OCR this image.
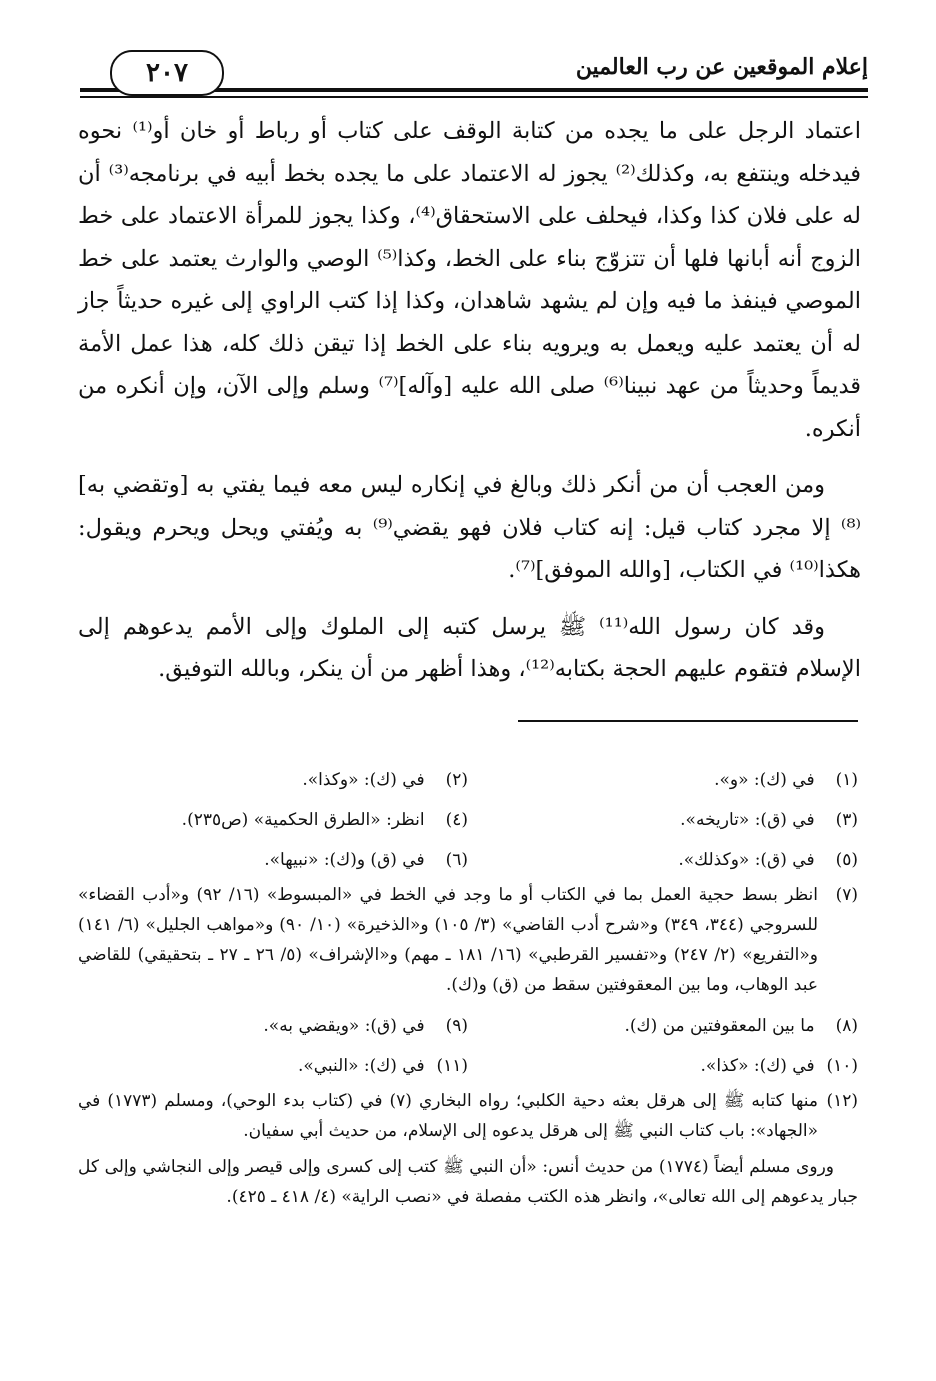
إعلام الموقعين عن رب العالمين
٢٠٧

اعتماد الرجل على ما يجده من كتابة الوقف على كتاب أو رباط أو خان أو⁽¹⁾ نحوه فيدخله وينتفع به، وكذلك⁽²⁾ يجوز له الاعتماد على ما يجده بخط أبيه في برنامجه⁽³⁾ أن له على فلان كذا وكذا، فيحلف على الاستحقاق⁽⁴⁾، وكذا يجوز للمرأة الاعتماد على خط الزوج أنه أبانها فلها أن تتزوّج بناء على الخط، وكذا⁽⁵⁾ الوصي والوارث يعتمد على خط الموصي فينفذ ما فيه وإن لم يشهد شاهدان، وكذا إذا كتب الراوي إلى غيره حديثاً جاز له أن يعتمد عليه ويعمل به ويرويه بناء على الخط إذا تيقن ذلك كله، هذا عمل الأمة قديماً وحديثاً من عهد نبينا⁽⁶⁾ صلى الله عليه [وآله]⁽⁷⁾ وسلم وإلى الآن، وإن أنكره من أنكره.

ومن العجب أن من أنكر ذلك وبالغ في إنكاره ليس معه فيما يفتي به [وتقضي به]⁽⁸⁾ إلا مجرد كتاب قيل: إنه كتاب فلان فهو يقضي⁽⁹⁾ به ويُفتي ويحل ويحرم ويقول: هكذا⁽¹⁰⁾ في الكتاب، [والله الموفق]⁽⁷⁾.

وقد كان رسول الله⁽¹¹⁾ ﷺ يرسل كتبه إلى الملوك وإلى الأمم يدعوهم إلى الإسلام فتقوم عليهم الحجة بكتابه⁽¹²⁾، وهذا أظهر من أن ينكر، وبالله التوفيق.

(١) في (ك): «و».
(٢) في (ك): «وكذا».
(٣) في (ق): «تاريخه».
(٤) انظر: «الطرق الحكمية» (ص٢٣٥).
(٥) في (ق): «وكذلك».
(٦) في (ق) و(ك): «نبيها».
(٧)
انظر بسط حجية العمل بما في الكتاب أو ما وجد في الخط في «المبسوط» (١٦/ ٩٢) و«أدب القضاء» للسروجي (٣٤٤، ٣٤٩) و«شرح أدب القاضي» (٣/ ١٠٥) و«الذخيرة» (١٠/ ٩٠) و«مواهب الجليل» (٦/ ١٤١) و«التفريع» (٢/ ٢٤٧) و«تفسير القرطبي» (١٦/ ١٨١ ـ مهم) و«الإشراف» (٥/ ٢٦ ـ ٢٧ ـ بتحقيقي) للقاضي عبد الوهاب، وما بين المعقوفتين سقط من (ق) و(ك).
(٨) ما بين المعقوفتين من (ك).
(٩) في (ق): «ويقضي به».
(١٠) في (ك): «كذا».
(١١) في (ك): «النبي».
(١٢)
منها كتابه ﷺ إلى هرقل بعثه دحية الكلبي؛ رواه البخاري (٧) في (كتاب بدء الوحي)، ومسلم (١٧٧٣) في «الجهاد»: باب كتاب النبي ﷺ إلى هرقل يدعوه إلى الإسلام، من حديث أبي سفيان.
وروى مسلم أيضاً (١٧٧٤) من حديث أنس: «أن النبي ﷺ كتب إلى كسرى وإلى قيصر وإلى النجاشي وإلى كل جبار يدعوهم إلى الله تعالى»، وانظر هذه الكتب مفصلة في «نصب الراية» (٤/ ٤١٨ ـ ٤٢٥).
